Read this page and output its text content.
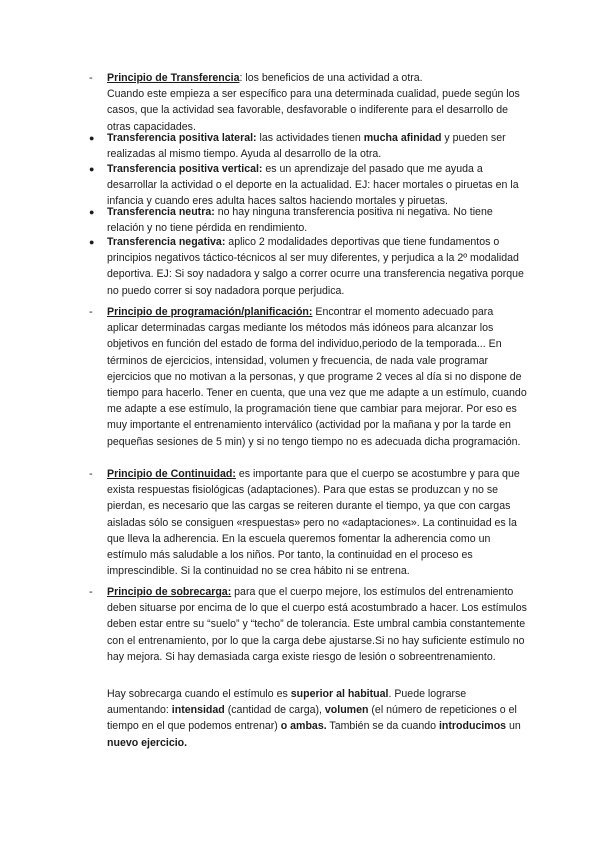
-	Principio de Transferencia: los beneficios de una actividad a otra.
Cuando este empieza a ser específico para una determinada cualidad, puede según los casos, que la actividad sea favorable, desfavorable o indiferente para el desarrollo de otras capacidades.
●	Transferencia positiva lateral: las actividades tienen mucha afinidad y pueden ser realizadas al mismo tiempo. Ayuda al desarrollo de la otra.
●	Transferencia positiva vertical: es un aprendizaje del pasado que me ayuda a desarrollar la actividad o el deporte en la actualidad. EJ: hacer mortales o piruetas en la infancia y cuando eres adulta haces saltos haciendo mortales y piruetas.
●	Transferencia neutra: no hay ninguna transferencia positiva ni negativa. No tiene relación y no tiene pérdida en rendimiento.
●	Transferencia negativa: aplico 2 modalidades deportivas que tiene fundamentos o principios negativos táctico-técnicos al ser muy diferentes, y perjudica a la 2º modalidad deportiva. EJ: Si soy nadadora y salgo a correr ocurre una transferencia negativa porque no puedo correr si soy nadadora porque perjudica.
-	Principio de programación/planificación: Encontrar el momento adecuado para aplicar determinadas cargas mediante los métodos más idóneos para alcanzar los objetivos en función del estado de forma del individuo,periodo de la temporada... En términos de ejercicios, intensidad, volumen y frecuencia, de nada vale programar ejercicios que no motivan a la personas, y que programe 2 veces al día si no dispone de tiempo para hacerlo. Tener en cuenta, que una vez que me adapte a un estímulo, cuando me adapte a ese estímulo, la programación tiene que cambiar para mejorar. Por eso es muy importante el entrenamiento interválico (actividad por la mañana y por la tarde en pequeñas sesiones de 5 min) y si no tengo tiempo no es adecuada dicha programación.
-	Principio de Continuidad: es importante para que el cuerpo se acostumbre y para que exista respuestas fisiológicas (adaptaciones). Para que estas se produzcan y no se pierdan, es necesario que las cargas se reiteren durante el tiempo, ya que con cargas aisladas sólo se consiguen «respuestas» pero no «adaptaciones». La continuidad es la que lleva la adherencia. En la escuela queremos fomentar la adherencia como un estímulo más saludable a los niños. Por tanto, la continuidad en el proceso es imprescindible. Si la continuidad no se crea hábito ni se entrena.
-	Principio de sobrecarga: para que el cuerpo mejore, los estímulos del entrenamiento deben situarse por encima de lo que el cuerpo está acostumbrado a hacer. Los estímulos deben estar entre su “suelo” y “techo” de tolerancia. Este umbral cambia constantemente con el entrenamiento, por lo que la carga debe ajustarse.Si no hay suficiente estímulo no hay mejora. Si hay demasiada carga existe riesgo de lesión o sobreentrenamiento.
Hay sobrecarga cuando el estímulo es superior al habitual. Puede lograrse aumentando: intensidad (cantidad de carga), volumen (el número de repeticiones o el tiempo en el que podemos entrenar) o ambas. También se da cuando introducimos un nuevo ejercicio.
